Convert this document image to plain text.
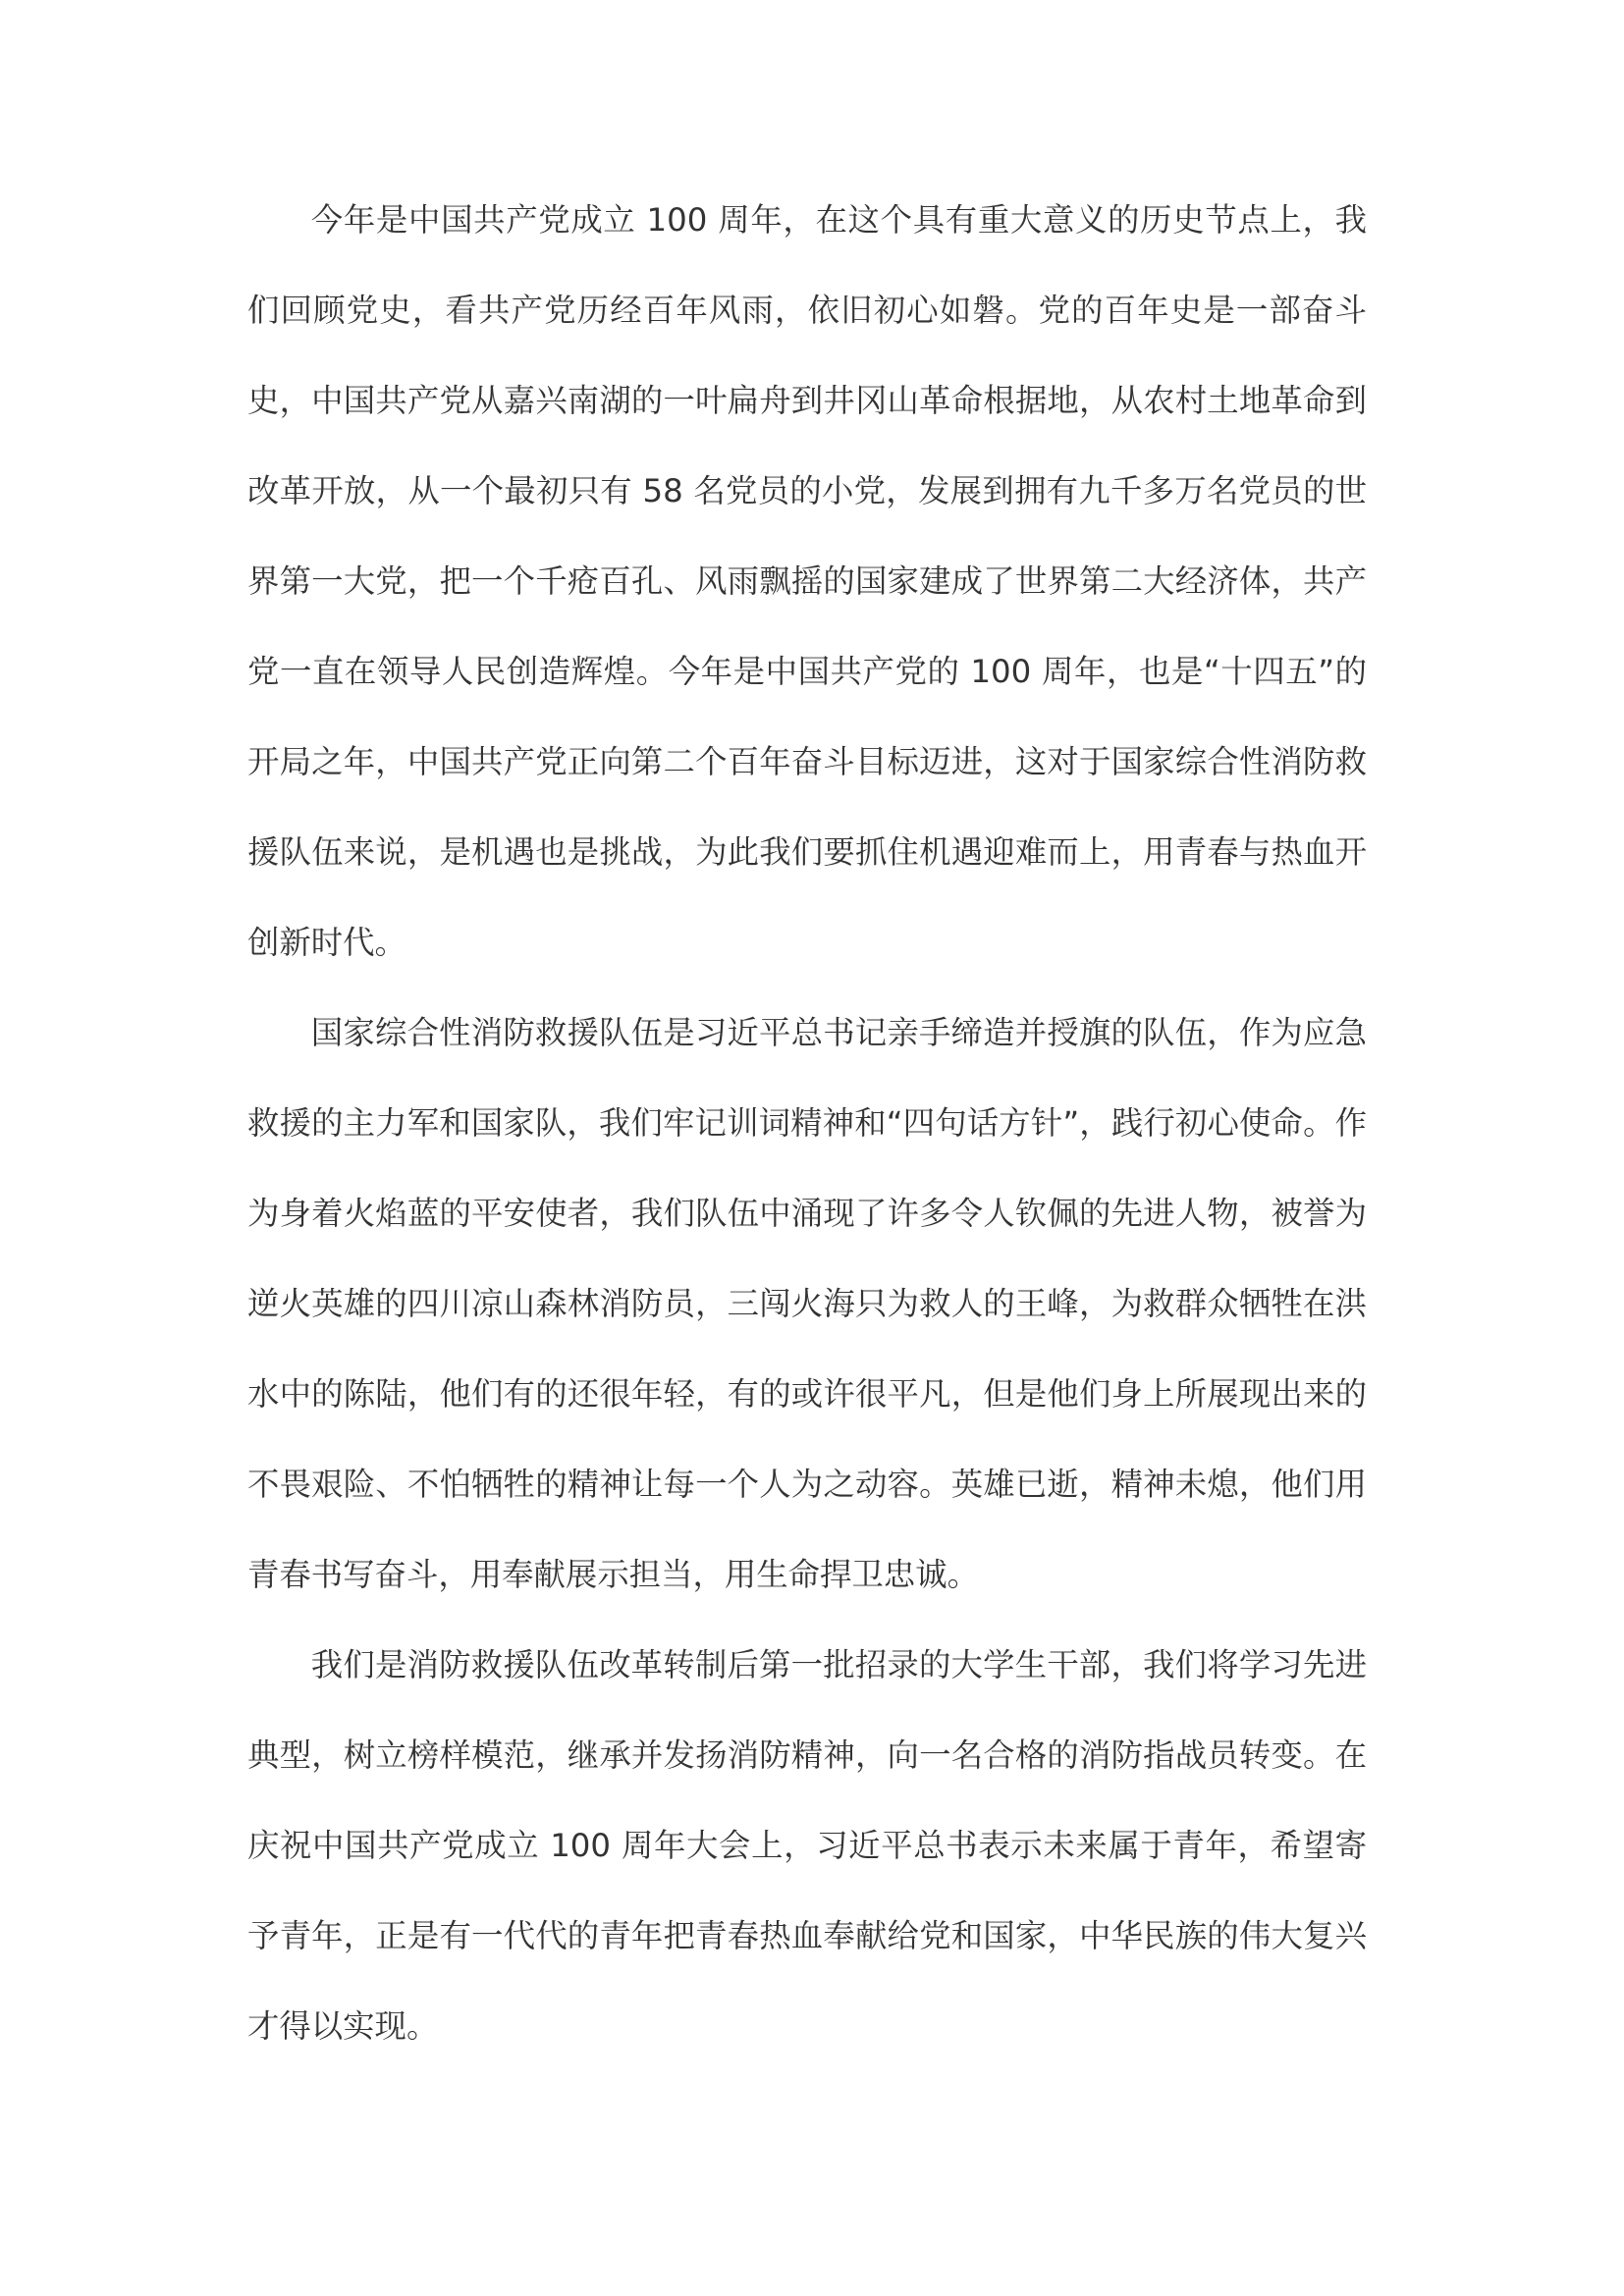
今年是中国共产党成立 100 周年，在这个具有重大意义的历史节点上，我们回顾党史，看共产党历经百年风雨，依旧初心如磐。党的百年史是一部奋斗史，中国共产党从嘉兴南湖的一叶扁舟到井冈山革命根据地，从农村土地革命到改革开放，从一个最初只有 58 名党员的小党，发展到拥有九千多万名党员的世界第一大党，把一个千疮百孔、风雨飘摇的国家建成了世界第二大经济体，共产党一直在领导人民创造辉煌。今年是中国共产党的 100 周年，也是“十四五”的开局之年，中国共产党正向第二个百年奋斗目标迈进，这对于国家综合性消防救援队伍来说，是机遇也是挑战，为此我们要抓住机遇迎难而上，用青春与热血开创新时代。

国家综合性消防救援队伍是习近平总书记亲手缔造并授旗的队伍，作为应急救援的主力军和国家队，我们牢记训词精神和“四句话方针”，践行初心使命。作为身着火焰蓝的平安使者，我们队伍中涌现了许多令人钦佩的先进人物，被誉为逆火英雄的四川凉山森林消防员，三闯火海只为救人的王峰，为救群众牺牲在洪水中的陈陆，他们有的还很年轻，有的或许很平凡，但是他们身上所展现出来的不畏艰险、不怕牺牲的精神让每一个人为之动容。英雄已逝，精神未熄，他们用青春书写奋斗，用奉献展示担当，用生命捍卫忠诚。

我们是消防救援队伍改革转制后第一批招录的大学生干部，我们将学习先进典型，树立榜样模范，继承并发扬消防精神，向一名合格的消防指战员转变。在庆祝中国共产党成立 100 周年大会上，习近平总书表示未来属于青年，希望寄予青年，正是有一代代的青年把青春热血奉献给党和国家，中华民族的伟大复兴才得以实现。
